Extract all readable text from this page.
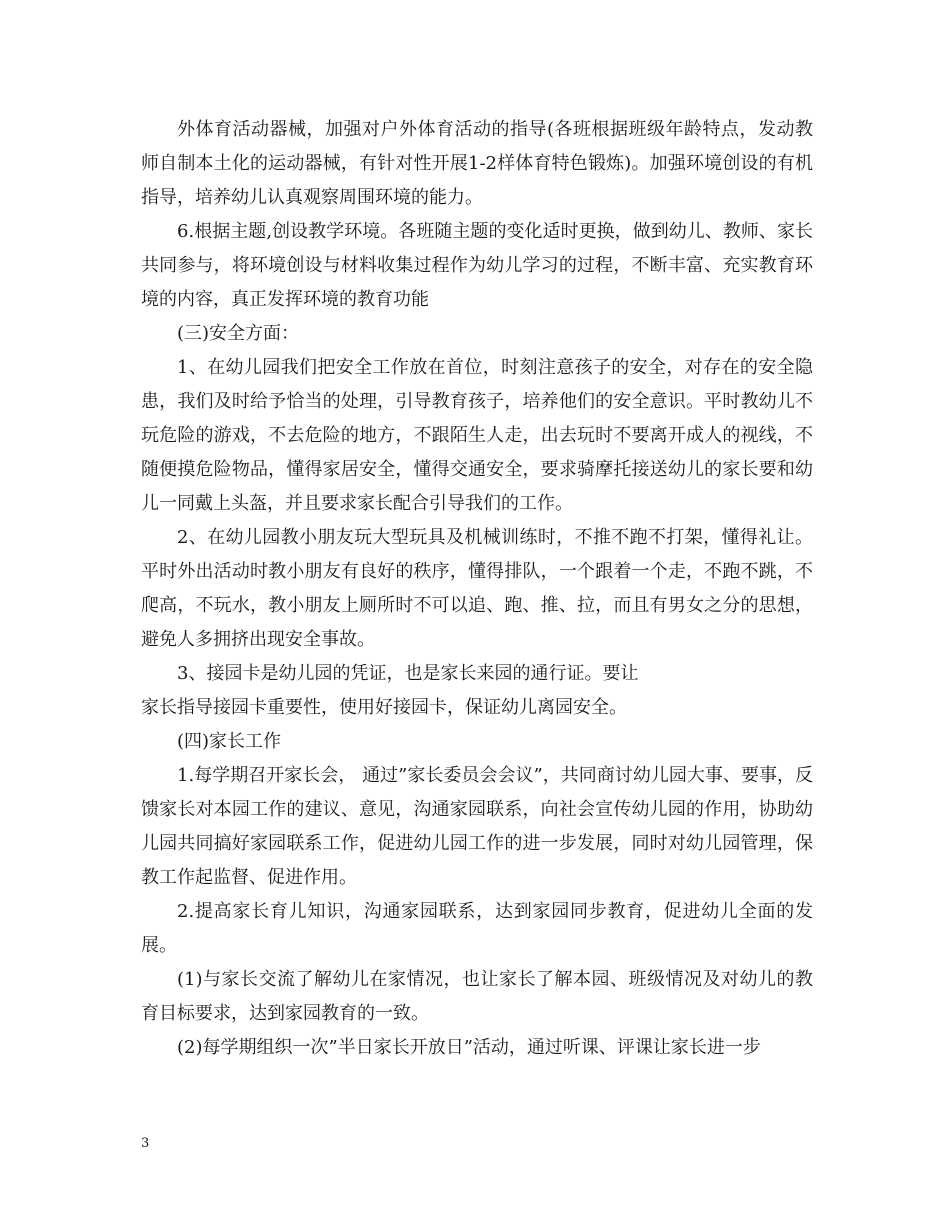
外体育活动器械，加强对户外体育活动的指导(各班根据班级年龄特点，发动教师自制本土化的运动器械，有针对性开展1-2样体育特色锻炼)。加强环境创设的有机指导，培养幼儿认真观察周围环境的能力。

6.根据主题,创设教学环境。各班随主题的变化适时更换，做到幼儿、教师、家长共同参与，将环境创设与材料收集过程作为幼儿学习的过程，不断丰富、充实教育环境的内容，真正发挥环境的教育功能

(三)安全方面：

1、在幼儿园我们把安全工作放在首位，时刻注意孩子的安全，对存在的安全隐患，我们及时给予恰当的处理，引导教育孩子，培养他们的安全意识。平时教幼儿不玩危险的游戏，不去危险的地方，不跟陌生人走，出去玩时不要离开成人的视线，不随便摸危险物品，懂得家居安全，懂得交通安全，要求骑摩托接送幼儿的家长要和幼儿一同戴上头盔，并且要求家长配合引导我们的工作。

2、在幼儿园教小朋友玩大型玩具及机械训练时，不推不跑不打架，懂得礼让。平时外出活动时教小朋友有良好的秩序，懂得排队，一个跟着一个走，不跑不跳，不爬高，不玩水，教小朋友上厕所时不可以追、跑、推、拉，而且有男女之分的思想，避免人多拥挤出现安全事故。

3、接园卡是幼儿园的凭证，也是家长来园的通行证。要让

家长指导接园卡重要性，使用好接园卡，保证幼儿离园安全。

(四)家长工作

1.每学期召开家长会， 通过”家长委员会会议”，共同商讨幼儿园大事、要事，反馈家长对本园工作的建议、意见，沟通家园联系，向社会宣传幼儿园的作用，协助幼儿园共同搞好家园联系工作，促进幼儿园工作的进一步发展，同时对幼儿园管理，保教工作起监督、促进作用。

2.提高家长育儿知识，沟通家园联系，达到家园同步教育，促进幼儿全面的发展。

(1)与家长交流了解幼儿在家情况，也让家长了解本园、班级情况及对幼儿的教育目标要求，达到家园教育的一致。

(2)每学期组织一次”半日家长开放日”活动，通过听课、评课让家长进一步

3
